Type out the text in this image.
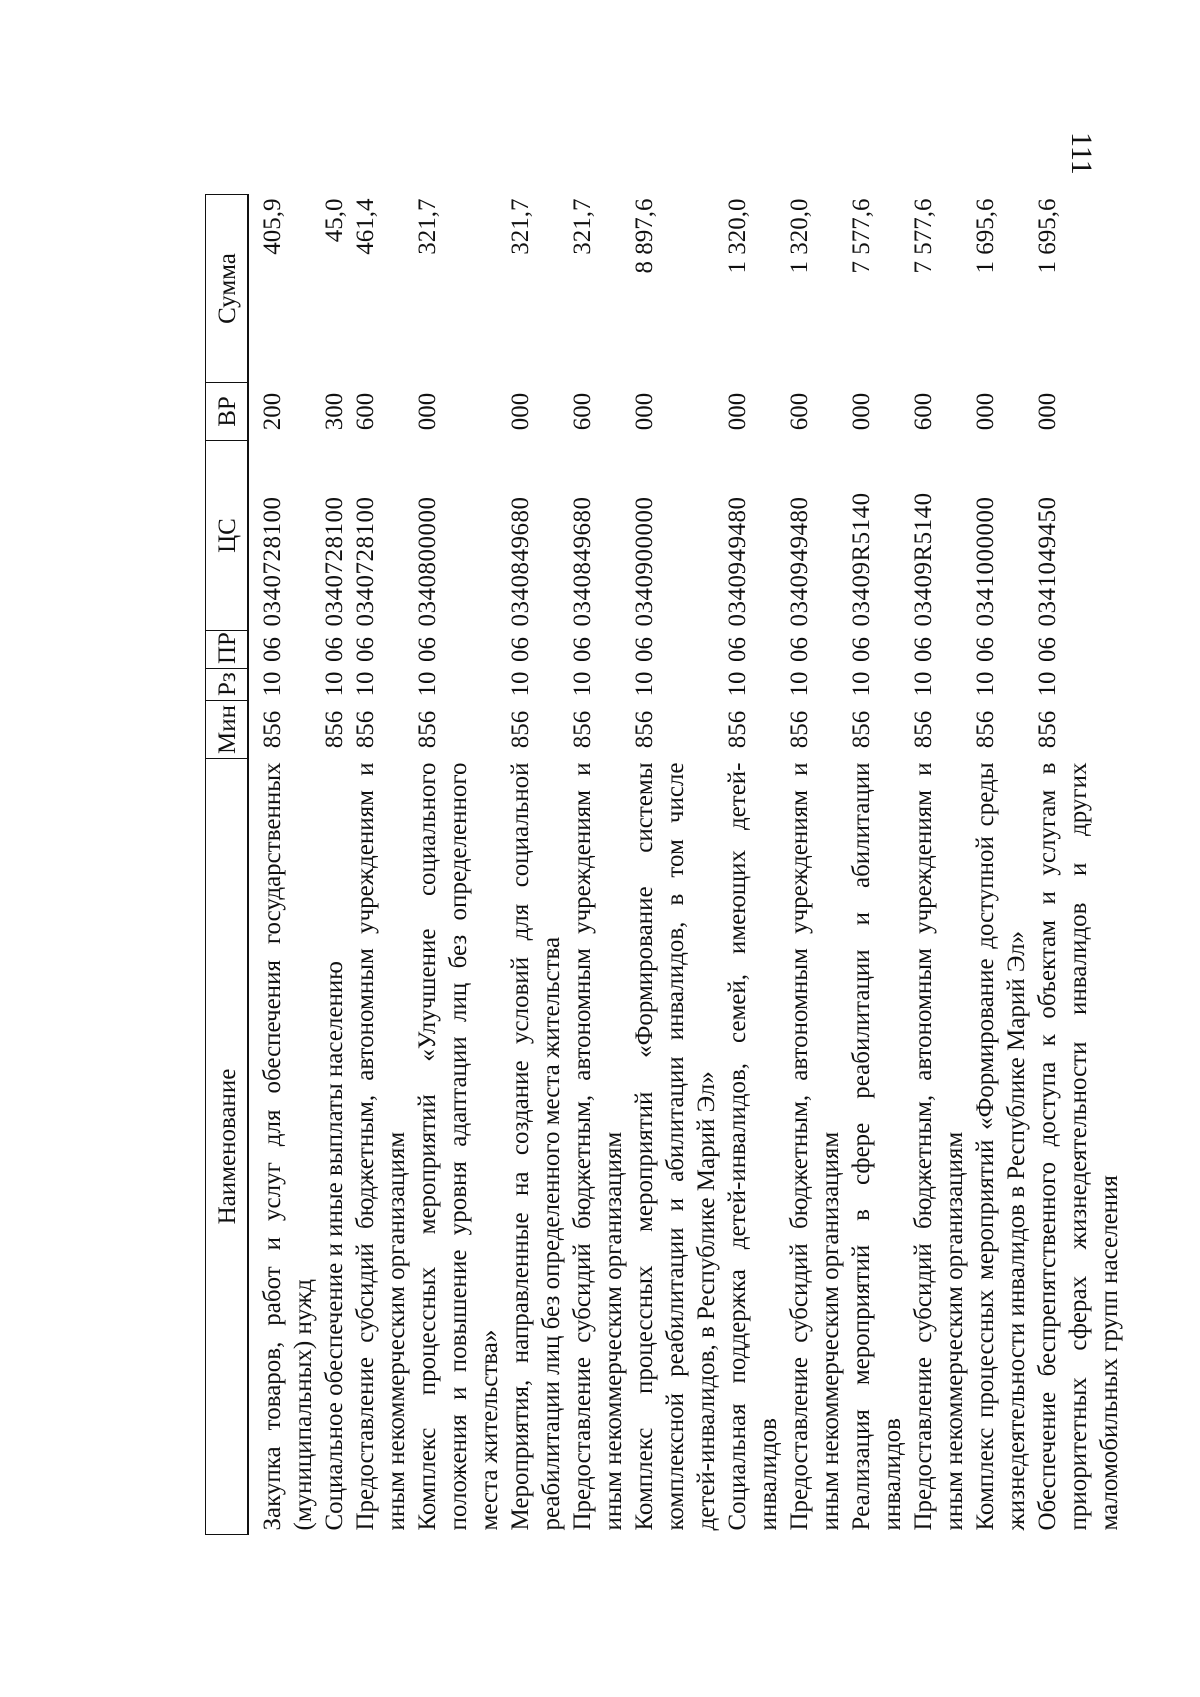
111
Наименование	Мин	Рз	ПР	ЦС	ВР	Сумма
Закупка товаров, работ и услуг для обеспечения государственных (муниципальных) нужд	856	10	06	0340728100	200	405,9
Социальное обеспечение и иные выплаты населению	856	10	06	0340728100	300	45,0
Предоставление субсидий бюджетным, автономным учреждениям и иным некоммерческим организациям	856	10	06	0340728100	600	461,4
Комплекс процессных мероприятий «Улучшение социального положения и повышение уровня адаптации лиц без определенного места жительства»	856	10	06	0340800000	000	321,7
Мероприятия, направленные на создание условий для социальной реабилитации лиц без определенного места жительства	856	10	06	0340849680	000	321,7
Предоставление субсидий бюджетным, автономным учреждениям и иным некоммерческим организациям	856	10	06	0340849680	600	321,7
Комплекс процессных мероприятий «Формирование системы комплексной реабилитации и абилитации инвалидов, в том числе детей-инвалидов, в Республике Марий Эл»	856	10	06	0340900000	000	8 897,6
Социальная поддержка детей-инвалидов, семей, имеющих детей-инвалидов	856	10	06	0340949480	000	1 320,0
Предоставление субсидий бюджетным, автономным учреждениям и иным некоммерческим организациям	856	10	06	0340949480	600	1 320,0
Реализация мероприятий в сфере реабилитации и абилитации инвалидов	856	10	06	03409R5140	000	7 577,6
Предоставление субсидий бюджетным, автономным учреждениям и иным некоммерческим организациям	856	10	06	03409R5140	600	7 577,6
Комплекс процессных мероприятий «Формирование доступной среды жизнедеятельности инвалидов в Республике Марий Эл»	856	10	06	0341000000	000	1 695,6
Обеспечение беспрепятственного доступа к объектам и услугам в приоритетных сферах жизнедеятельности инвалидов и других маломобильных групп населения	856	10	06	0341049450	000	1 695,6
